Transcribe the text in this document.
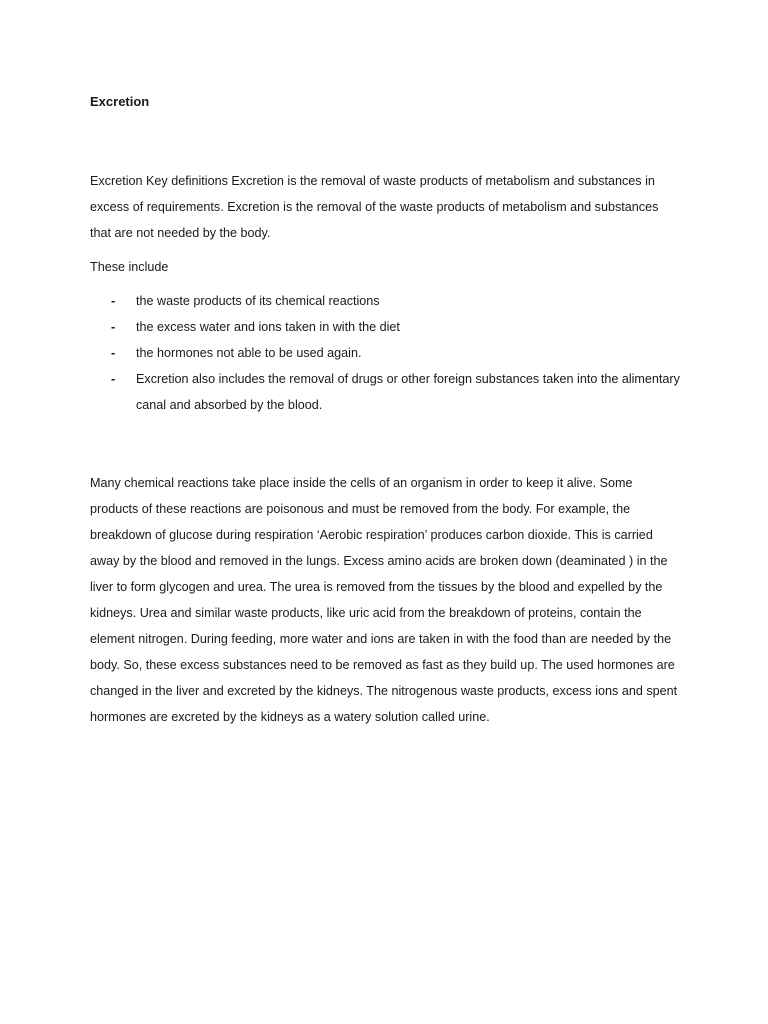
Excretion

Excretion Key definitions Excretion is the removal of waste products of metabolism and substances in excess of requirements. Excretion is the removal of the waste products of metabolism and substances that are not needed by the body.

These include

- the waste products of its chemical reactions
- the excess water and ions taken in with the diet
- the hormones not able to be used again.
- Excretion also includes the removal of drugs or other foreign substances taken into the alimentary canal and absorbed by the blood.

Many chemical reactions take place inside the cells of an organism in order to keep it alive. Some products of these reactions are poisonous and must be removed from the body. For example, the breakdown of glucose during respiration ‘Aerobic respiration’ produces carbon dioxide. This is carried away by the blood and removed in the lungs. Excess amino acids are broken down (deaminated ) in the liver to form glycogen and urea. The urea is removed from the tissues by the blood and expelled by the kidneys. Urea and similar waste products, like uric acid from the breakdown of proteins, contain the element nitrogen. During feeding, more water and ions are taken in with the food than are needed by the body. So, these excess substances need to be removed as fast as they build up. The used hormones are changed in the liver and excreted by the kidneys. The nitrogenous waste products, excess ions and spent hormones are excreted by the kidneys as a watery solution called urine.
